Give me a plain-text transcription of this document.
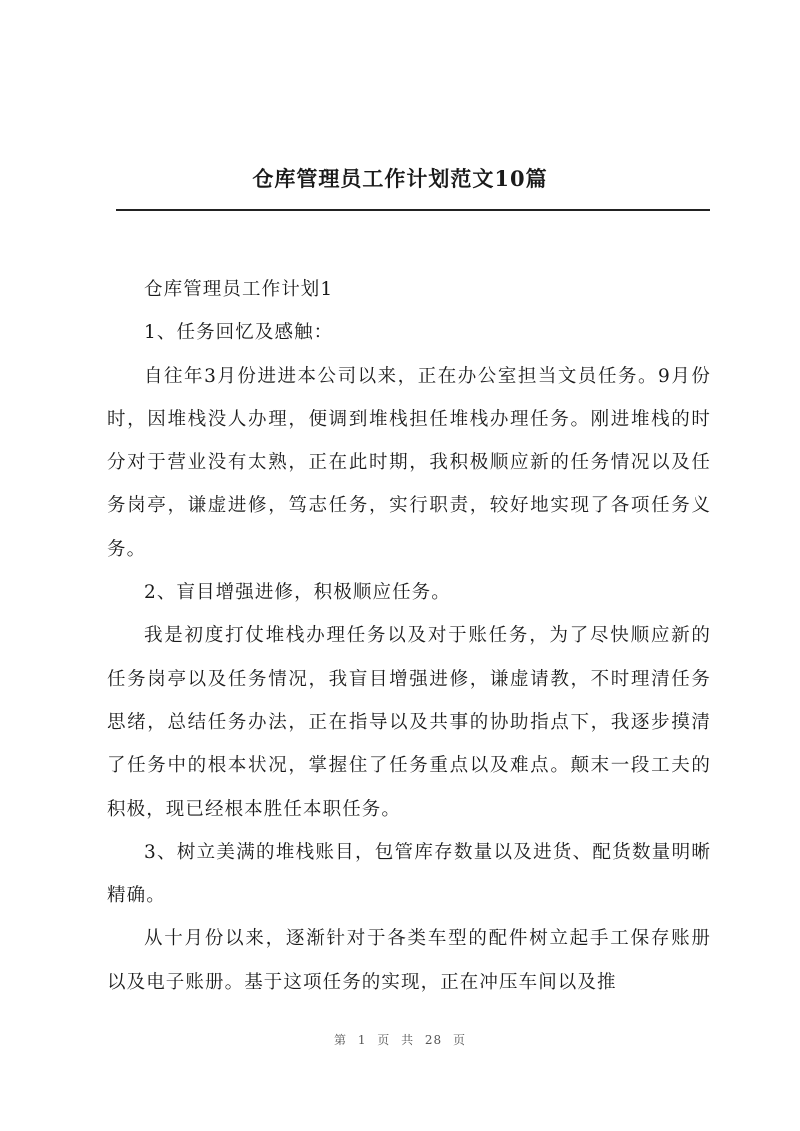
仓库管理员工作计划范文10篇

仓库管理员工作计划1

1、任务回忆及感触：

自往年3月份进进本公司以来，正在办公室担当文员任务。9月份时，因堆栈没人办理，便调到堆栈担任堆栈办理任务。刚进堆栈的时分对于营业没有太熟，正在此时期，我积极顺应新的任务情况以及任务岗亭，谦虚进修，笃志任务，实行职责，较好地实现了各项任务义务。

2、盲目增强进修，积极顺应任务。

我是初度打仗堆栈办理任务以及对于账任务，为了尽快顺应新的任务岗亭以及任务情况，我盲目增强进修，谦虚请教，不时理清任务思绪，总结任务办法，正在指导以及共事的协助指点下，我逐步摸清了任务中的根本状况，掌握住了任务重点以及难点。颠末一段工夫的积极，现已经根本胜任本职任务。

3、树立美满的堆栈账目，包管库存数量以及进货、配货数量明晰精确。

从十月份以来，逐渐针对于各类车型的配件树立起手工保存账册以及电子账册。基于这项任务的实现，正在冲压车间以及推

第 1 页 共 28 页
